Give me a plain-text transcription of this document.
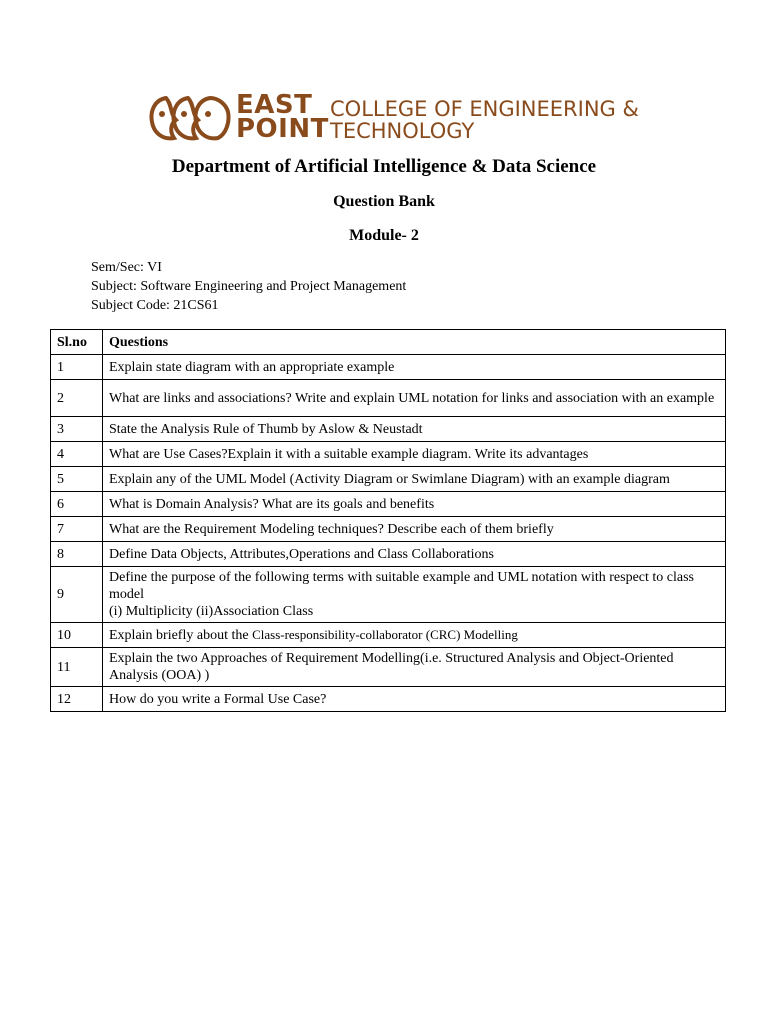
EAST
POINT
COLLEGE OF ENGINEERING &
TECHNOLOGY
Department of Artificial Intelligence & Data Science
Question Bank
Module- 2
Sem/Sec: VI
Subject: Software Engineering and Project Management
Subject Code: 21CS61
Sl.no	Questions
1	Explain state diagram with an appropriate example
2	What are links and associations? Write and explain UML notation for links and association with an example
3	State the Analysis Rule of Thumb by Aslow & Neustadt
4	What are Use Cases?Explain it with a suitable example diagram. Write its advantages
5	Explain any of the UML Model (Activity Diagram or Swimlane Diagram) with an example diagram
6	What is Domain Analysis? What are its goals and benefits
7	What are the Requirement Modeling techniques? Describe each of them briefly
8	Define Data Objects, Attributes,Operations and Class Collaborations
9	Define the purpose of the following terms with suitable example and UML notation with respect to class model
(i) Multiplicity (ii)Association Class

10	Explain briefly about the Class-responsibility-collaborator (CRC) Modelling
11	Explain the two Approaches of Requirement Modelling(i.e. Structured Analysis and Object-Oriented Analysis (OOA) )
12	How do you write a Formal Use Case?
